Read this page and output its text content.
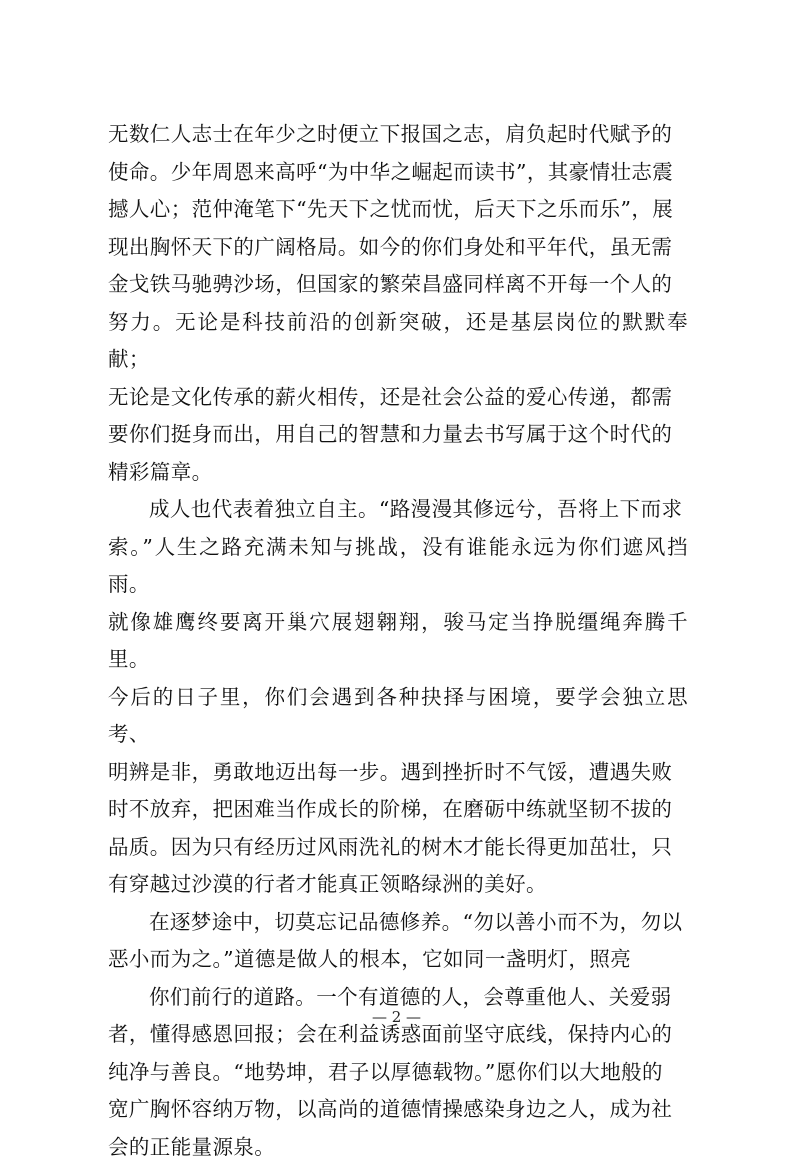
无数仁人志士在年少之时便立下报国之志，肩负起时代赋予的
使命。少年周恩来高呼“为中华之崛起而读书”，其豪情壮志震
撼人心；范仲淹笔下“先天下之忧而忧，后天下之乐而乐”，展
现出胸怀天下的广阔格局。如今的你们身处和平年代，虽无需
金戈铁马驰骋沙场，但国家的繁荣昌盛同样离不开每一个人的
努力。无论是科技前沿的创新突破，还是基层岗位的默默奉献；
无论是文化传承的薪火相传，还是社会公益的爱心传递，都需
要你们挺身而出，用自己的智慧和力量去书写属于这个时代的
精彩篇章。

成人也代表着独立自主。“路漫漫其修远兮，吾将上下而求
索。”人生之路充满未知与挑战，没有谁能永远为你们遮风挡雨。
就像雄鹰终要离开巢穴展翅翱翔，骏马定当挣脱缰绳奔腾千里。
今后的日子里，你们会遇到各种抉择与困境，要学会独立思考、
明辨是非，勇敢地迈出每一步。遇到挫折时不气馁，遭遇失败
时不放弃，把困难当作成长的阶梯，在磨砺中练就坚韧不拔的
品质。因为只有经历过风雨洗礼的树木才能长得更加茁壮，只
有穿越过沙漠的行者才能真正领略绿洲的美好。

在逐梦途中，切莫忘记品德修养。“勿以善小而不为，勿以
恶小而为之。”道德是做人的根本，它如同一盏明灯，照亮

你们前行的道路。一个有道德的人，会尊重他人、关爱弱
者，懂得感恩回报；会在利益诱惑面前坚守底线，保持内心的
纯净与善良。“地势坤，君子以厚德载物。”愿你们以大地般的
宽广胸怀容纳万物，以高尚的道德情操感染身边之人，成为社
会的正能量源泉。

— 2 —
